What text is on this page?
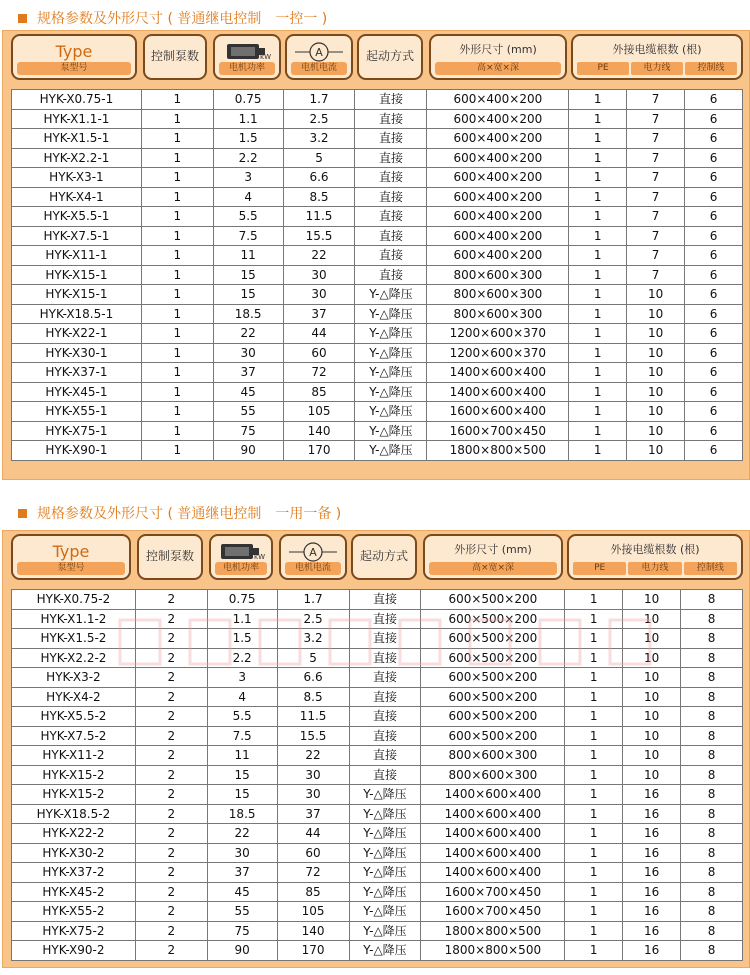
规格参数及外形尺寸 ( 普通继电控制　一控一 )
Type
泵型号
控制泵数	kW
电机功率
A
电机电流
起动方式	外形尺寸 (mm)
高×宽×深
外接电缆根数 (根)
PE	电力线	控制线
HYK-X0.75-1	1	0.75	1.7	直接	600×400×200	1	7	6
HYK-X1.1-1	1	1.1	2.5	直接	600×400×200	1	7	6
HYK-X1.5-1	1	1.5	3.2	直接	600×400×200	1	7	6
HYK-X2.2-1	1	2.2	5	直接	600×400×200	1	7	6
HYK-X3-1	1	3	6.6	直接	600×400×200	1	7	6
HYK-X4-1	1	4	8.5	直接	600×400×200	1	7	6
HYK-X5.5-1	1	5.5	11.5	直接	600×400×200	1	7	6
HYK-X7.5-1	1	7.5	15.5	直接	600×400×200	1	7	6
HYK-X11-1	1	11	22	直接	600×400×200	1	7	6
HYK-X15-1	1	15	30	直接	800×600×300	1	7	6
HYK-X15-1	1	15	30	Y-△降压	800×600×300	1	10	6
HYK-X18.5-1	1	18.5	37	Y-△降压	800×600×300	1	10	6
HYK-X22-1	1	22	44	Y-△降压	1200×600×370	1	10	6
HYK-X30-1	1	30	60	Y-△降压	1200×600×370	1	10	6
HYK-X37-1	1	37	72	Y-△降压	1400×600×400	1	10	6
HYK-X45-1	1	45	85	Y-△降压	1400×600×400	1	10	6
HYK-X55-1	1	55	105	Y-△降压	1600×600×400	1	10	6
HYK-X75-1	1	75	140	Y-△降压	1600×700×450	1	10	6
HYK-X90-1	1	90	170	Y-△降压	1800×800×500	1	10	6
规格参数及外形尺寸 ( 普通继电控制　一用一备 )
Type
泵型号
控制泵数	kW
电机功率
A
电机电流
起动方式	外形尺寸 (mm)
高×宽×深
外接电缆根数 (根)
PE	电力线	控制线
HYK-X0.75-2	2	0.75	1.7	直接	600×500×200	1	10	8
HYK-X1.1-2	2	1.1	2.5	直接	600×500×200	1	10	8
HYK-X1.5-2	2	1.5	3.2	直接	600×500×200	1	10	8
HYK-X2.2-2	2	2.2	5	直接	600×500×200	1	10	8
HYK-X3-2	2	3	6.6	直接	600×500×200	1	10	8
HYK-X4-2	2	4	8.5	直接	600×500×200	1	10	8
HYK-X5.5-2	2	5.5	11.5	直接	600×500×200	1	10	8
HYK-X7.5-2	2	7.5	15.5	直接	600×500×200	1	10	8
HYK-X11-2	2	11	22	直接	800×600×300	1	10	8
HYK-X15-2	2	15	30	直接	800×600×300	1	10	8
HYK-X15-2	2	15	30	Y-△降压	1400×600×400	1	16	8
HYK-X18.5-2	2	18.5	37	Y-△降压	1400×600×400	1	16	8
HYK-X22-2	2	22	44	Y-△降压	1400×600×400	1	16	8
HYK-X30-2	2	30	60	Y-△降压	1400×600×400	1	16	8
HYK-X37-2	2	37	72	Y-△降压	1400×600×400	1	16	8
HYK-X45-2	2	45	85	Y-△降压	1600×700×450	1	16	8
HYK-X55-2	2	55	105	Y-△降压	1600×700×450	1	16	8
HYK-X75-2	2	75	140	Y-△降压	1800×800×500	1	16	8
HYK-X90-2	2	90	170	Y-△降压	1800×800×500	1	16	8
